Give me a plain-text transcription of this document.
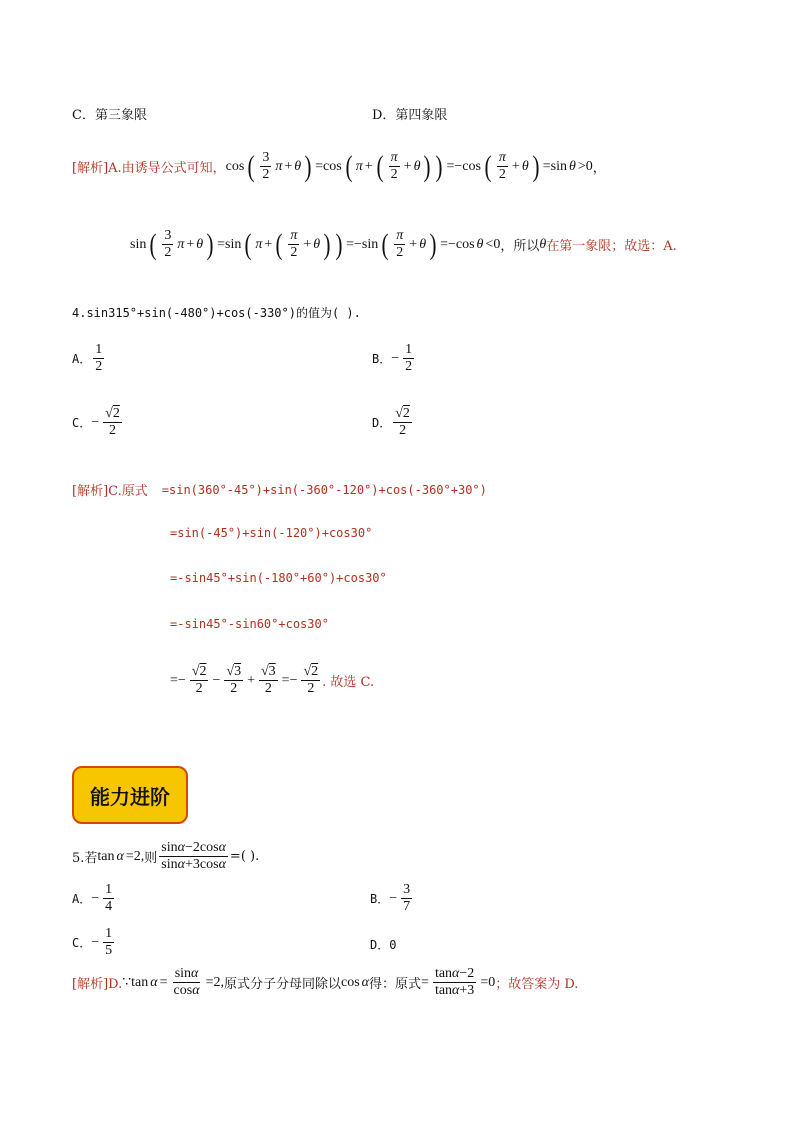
C．第三象限	D．第四象限
[解析]A.由诱导公式可知， cos ( $\frac{3}{2}$ π + θ ) =cos ( π + ( $\frac{\pi}{2} + \theta$ ) ) =−cos ( $\frac{\pi}{2} + \theta$ ) =sin θ >0 ，
sin ( $\frac{3}{2}$ π + θ ) =sin ( π + ( $\frac{\pi}{2} + \theta$ ) ) =−sin ( $\frac{\pi}{2} + \theta$ ) =−cos θ <0 ，所以 θ 在第一象限；故选：A.
4.sin315°+sin(-480°)+cos(-330°)的值为( ).
A． $\frac{1}{2}$	B． − $\frac{1}{2}$
C． − $\frac{√2}{2}$	D． $\frac{√2}{2}$
[解析]C.原式 =sin(360°-45°)+sin(-360°-120°)+cos(-360°+30°)
=sin(-45°)+sin(-120°)+cos30°
=-sin45°+sin(-180°+60°)+cos30°
=-sin45°-sin60°+cos30°
=− $\frac{√2}{2} - \frac{√3}{2} + \frac{√3}{2} =- \frac{√2}{2}$ . 故选 C.
能力进阶
5.若 tan α =2, 则 $\frac{\sin\alpha-2\cos\alpha}{\sin\alpha+3\cos\alpha}$ =( ).
A． − $\frac{1}{4}$	B． − $\frac{3}{7}$
C． − $\frac{1}{5}$	D．0
[解析]D. ∵tan $\alpha = \frac{\sin\alpha}{\cos\alpha} =2$, 原式分子分母同除以 cos α 得：原式 = $\frac{\tan\alpha-2}{\tan\alpha+3} =0$ ；故答案为 D.
